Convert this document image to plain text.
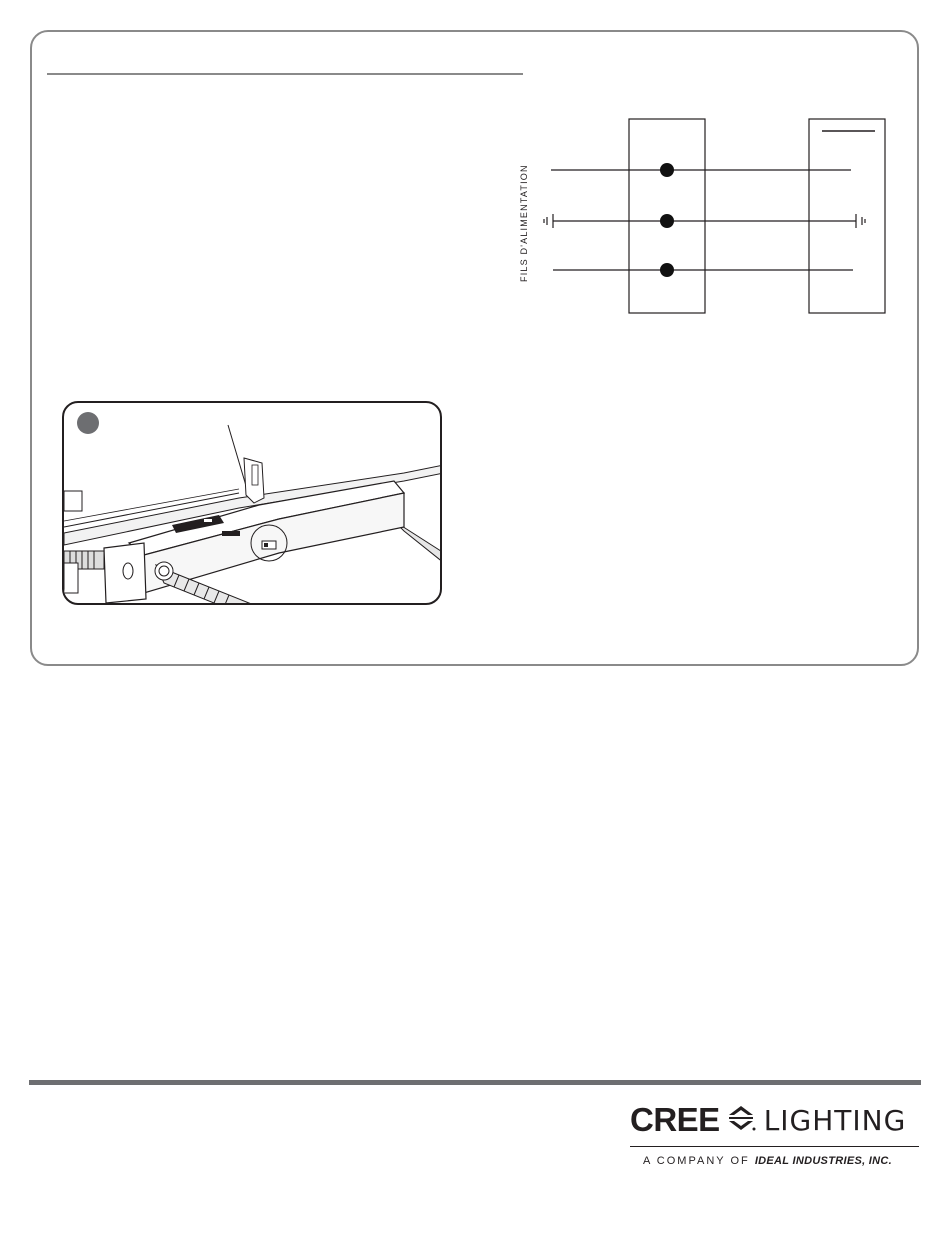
FILS D'ALIMENTATION
CREE LIGHTING
A COMPANY OF IDEAL INDUSTRIES, INC.
